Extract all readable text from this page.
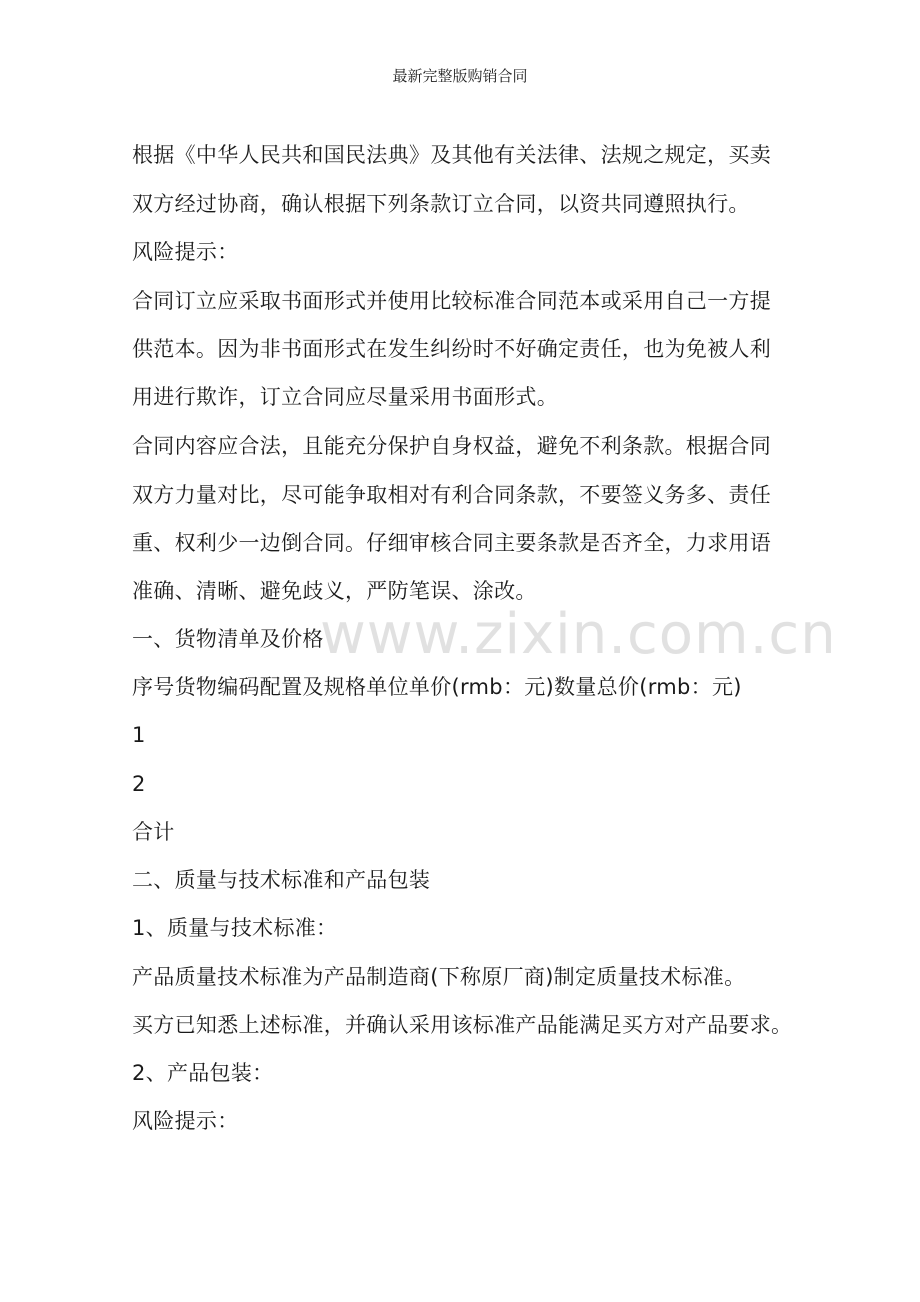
最新完整版购销合同
根据《中华人民共和国民法典》及其他有关法律、法规之规定，买卖
双方经过协商，确认根据下列条款订立合同，以资共同遵照执行。
风险提示：
合同订立应采取书面形式并使用比较标准合同范本或采用自己一方提
供范本。因为非书面形式在发生纠纷时不好确定责任，也为免被人利
用进行欺诈，订立合同应尽量采用书面形式。
合同内容应合法，且能充分保护自身权益，避免不利条款。根据合同
双方力量对比，尽可能争取相对有利合同条款，不要签义务多、责任
重、权利少一边倒合同。仔细审核合同主要条款是否齐全，力求用语
准确、清晰、避免歧义，严防笔误、涂改。
一、货物清单及价格
序号货物编码配置及规格单位单价(rmb：元)数量总价(rmb：元)
1
2
合计
二、质量与技术标准和产品包装
1、质量与技术标准：
产品质量技术标准为产品制造商(下称原厂商)制定质量技术标准。
买方已知悉上述标准，并确认采用该标准产品能满足买方对产品要求。
2、产品包装：
风险提示：
www.zixin.com.cn
